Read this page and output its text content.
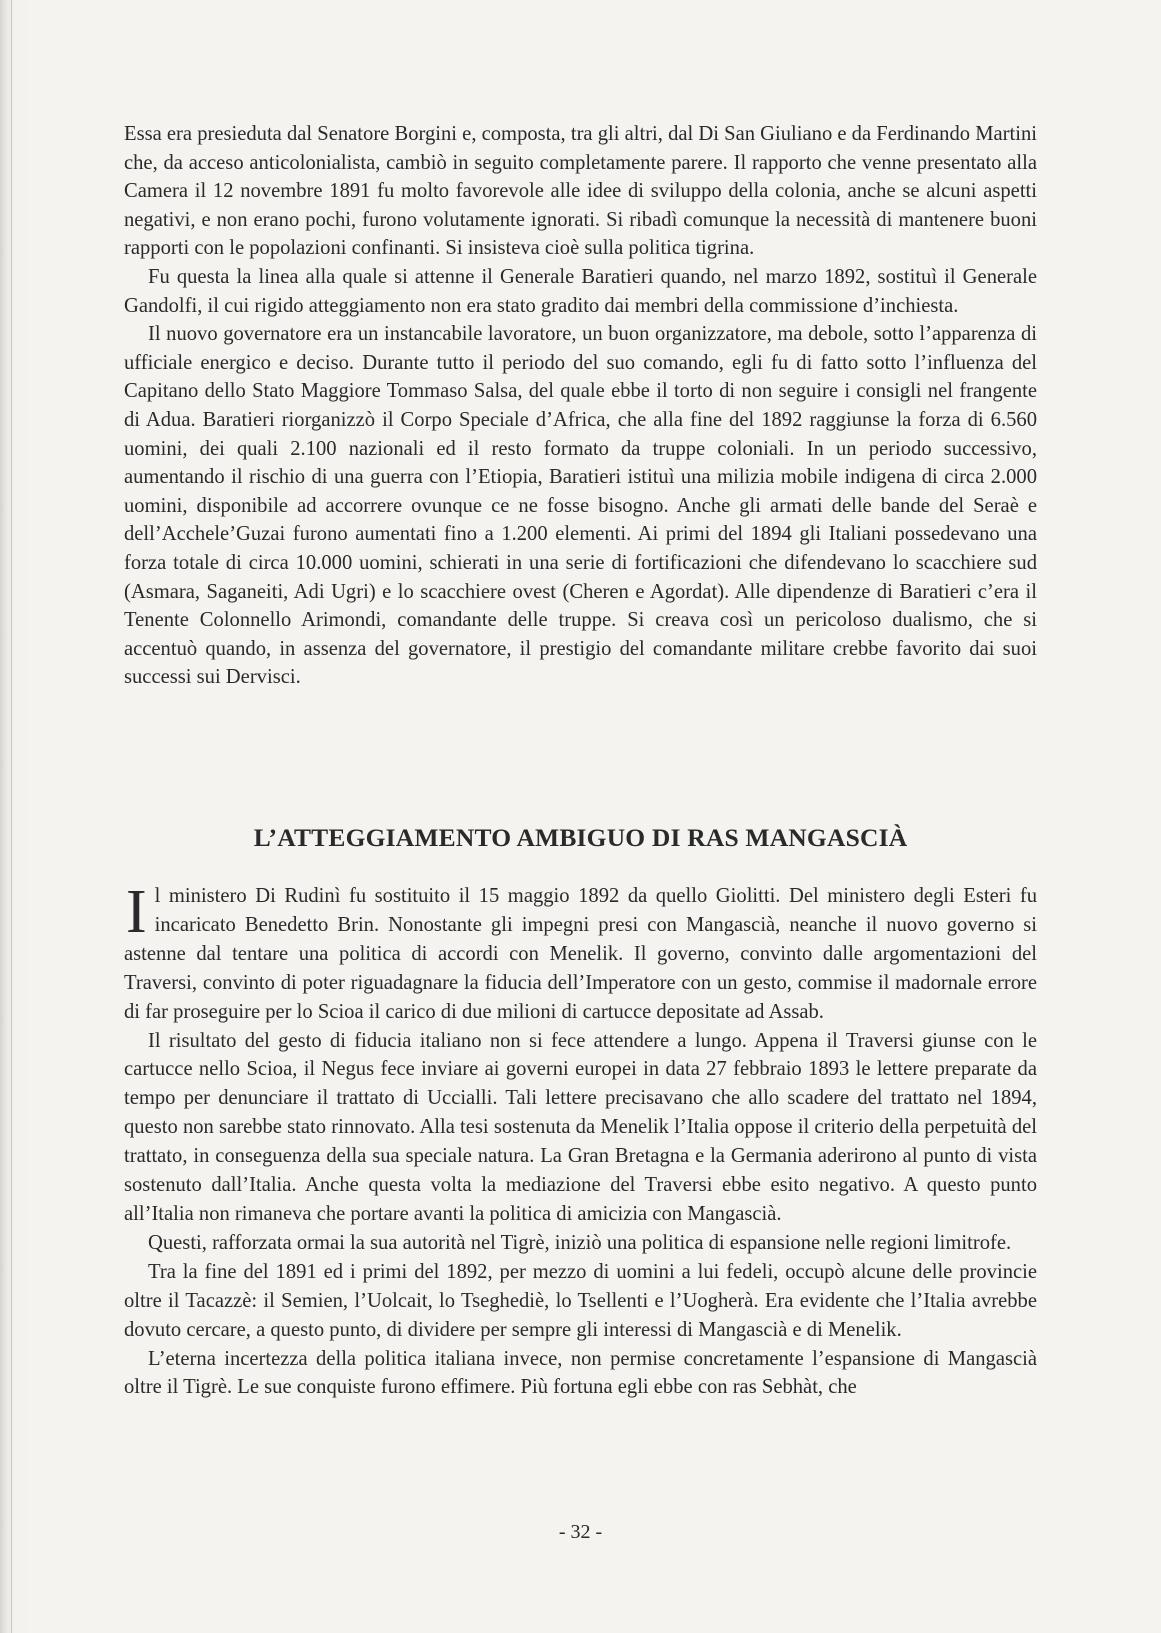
Essa era presieduta dal Senatore Borgini e, composta, tra gli altri, dal Di San Giuliano e da Ferdinando Martini che, da acceso anticolonialista, cambiò in seguito completamente parere. Il rapporto che venne presentato alla Camera il 12 novembre 1891 fu molto favorevole alle idee di sviluppo della colonia, anche se alcuni aspetti negativi, e non erano pochi, furono volutamente ignorati. Si ribadì comunque la necessità di mantenere buoni rapporti con le popolazioni confinanti. Si insisteva cioè sulla politica tigrina.

Fu questa la linea alla quale si attenne il Generale Baratieri quando, nel marzo 1892, sostituì il Generale Gandolfi, il cui rigido atteggiamento non era stato gradito dai membri della commissione d’inchiesta.

Il nuovo governatore era un instancabile lavoratore, un buon organizzatore, ma debole, sotto l’apparenza di ufficiale energico e deciso. Durante tutto il periodo del suo comando, egli fu di fatto sotto l’influenza del Capitano dello Stato Maggiore Tommaso Salsa, del quale ebbe il torto di non seguire i consigli nel frangente di Adua. Baratieri riorganizzò il Corpo Speciale d’Africa, che alla fine del 1892 raggiunse la forza di 6.560 uomini, dei quali 2.100 nazionali ed il resto formato da truppe coloniali. In un periodo successivo, aumentando il rischio di una guerra con l’Etiopia, Baratieri istituì una milizia mobile indigena di circa 2.000 uomini, disponibile ad accorrere ovunque ce ne fosse bisogno. Anche gli armati delle bande del Seraè e dell’Acchele’Guzai furono aumentati fino a 1.200 elementi. Ai primi del 1894 gli Italiani possedevano una forza totale di circa 10.000 uomini, schierati in una serie di fortificazioni che difendevano lo scacchiere sud (Asmara, Saganeiti, Adi Ugri) e lo scacchiere ovest (Cheren e Agordat). Alle dipendenze di Baratieri c’era il Tenente Colonnello Arimondi, comandante delle truppe. Si creava così un pericoloso dualismo, che si accentuò quando, in assenza del governatore, il prestigio del comandante militare crebbe favorito dai suoi successi sui Dervisci.

L’ATTEGGIAMENTO AMBIGUO DI RAS MANGASCIÀ

Il ministero Di Rudinì fu sostituito il 15 maggio 1892 da quello Giolitti. Del ministero degli Esteri fu incaricato Benedetto Brin. Nonostante gli impegni presi con Mangascià, neanche il nuovo governo si astenne dal tentare una politica di accordi con Menelik. Il governo, convinto dalle argomentazioni del Traversi, convinto di poter riguadagnare la fiducia dell’Imperatore con un gesto, commise il madornale errore di far proseguire per lo Scioa il carico di due milioni di cartucce depositate ad Assab.

Il risultato del gesto di fiducia italiano non si fece attendere a lungo. Appena il Traversi giunse con le cartucce nello Scioa, il Negus fece inviare ai governi europei in data 27 febbraio 1893 le lettere preparate da tempo per denunciare il trattato di Uccialli. Tali lettere precisavano che allo scadere del trattato nel 1894, questo non sarebbe stato rinnovato. Alla tesi sostenuta da Menelik l’Italia oppose il criterio della perpetuità del trattato, in conseguenza della sua speciale natura. La Gran Bretagna e la Germania aderirono al punto di vista sostenuto dall’Italia. Anche questa volta la mediazione del Traversi ebbe esito negativo. A questo punto all’Italia non rimaneva che portare avanti la politica di amicizia con Mangascià.

Questi, rafforzata ormai la sua autorità nel Tigrè, iniziò una politica di espansione nelle regioni limitrofe.

Tra la fine del 1891 ed i primi del 1892, per mezzo di uomini a lui fedeli, occupò alcune delle provincie oltre il Tacazzè: il Semien, l’Uolcait, lo Tseghediè, lo Tsellenti e l’Uogherà. Era evidente che l’Italia avrebbe dovuto cercare, a questo punto, di dividere per sempre gli interessi di Mangascià e di Menelik.

L’eterna incertezza della politica italiana invece, non permise concretamente l’espansione di Mangascià oltre il Tigrè. Le sue conquiste furono effimere. Più fortuna egli ebbe con ras Sebhàt, che

- 32 -
